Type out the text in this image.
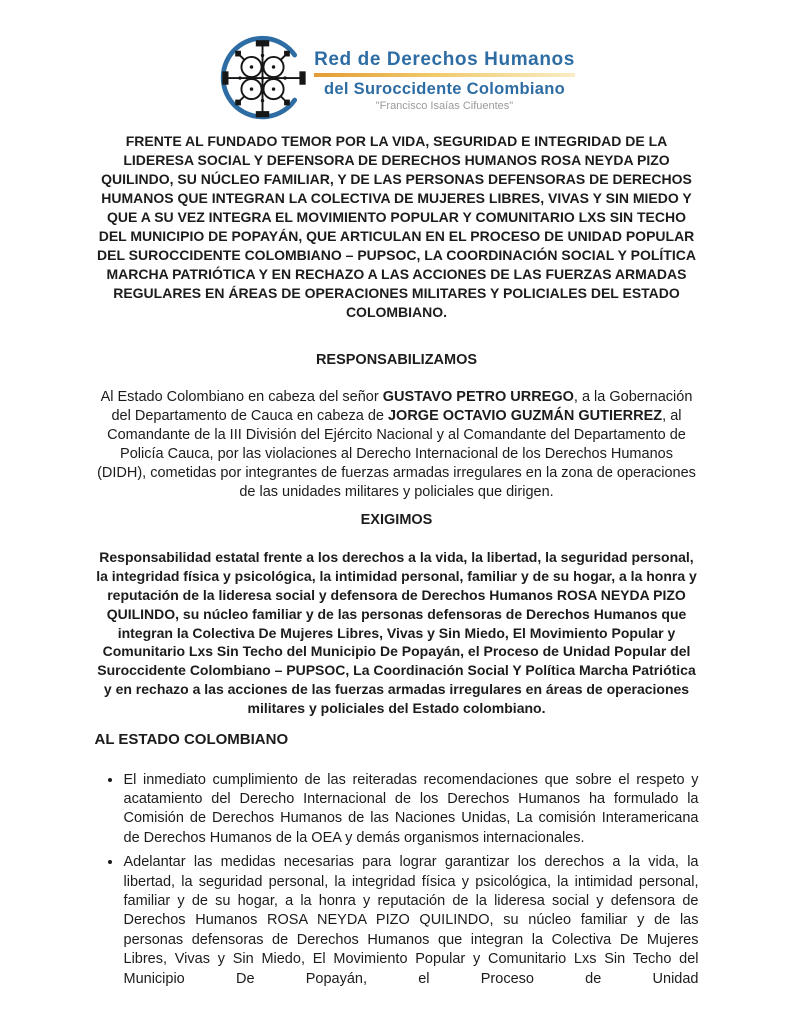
Red de Derechos Humanos
del Suroccidente Colombiano
"Francisco Isaías Cifuentes"

FRENTE AL FUNDADO TEMOR POR LA VIDA, SEGURIDAD E INTEGRIDAD DE LA LIDERESA SOCIAL Y DEFENSORA DE DERECHOS HUMANOS ROSA NEYDA PIZO QUILINDO, SU NÚCLEO FAMILIAR, Y DE LAS PERSONAS DEFENSORAS DE DERECHOS HUMANOS QUE INTEGRAN LA COLECTIVA DE MUJERES LIBRES, VIVAS Y SIN MIEDO Y QUE A SU VEZ INTEGRA EL MOVIMIENTO POPULAR Y COMUNITARIO LXS SIN TECHO DEL MUNICIPIO DE POPAYÁN, QUE ARTICULAN EN EL PROCESO DE UNIDAD POPULAR DEL SUROCCIDENTE COLOMBIANO – PUPSOC, LA COORDINACIÓN SOCIAL Y POLÍTICA MARCHA PATRIÓTICA Y EN RECHAZO A LAS ACCIONES DE LAS FUERZAS ARMADAS REGULARES EN ÁREAS DE OPERACIONES MILITARES Y POLICIALES DEL ESTADO COLOMBIANO.

RESPONSABILIZAMOS

Al Estado Colombiano en cabeza del señor GUSTAVO PETRO URREGO, a la Gobernación del Departamento de Cauca en cabeza de JORGE OCTAVIO GUZMÁN GUTIERREZ, al Comandante de la III División del Ejército Nacional y al Comandante del Departamento de Policía Cauca, por las violaciones al Derecho Internacional de los Derechos Humanos (DIDH), cometidas por integrantes de fuerzas armadas irregulares en la zona de operaciones de las unidades militares y policiales que dirigen.

EXIGIMOS

Responsabilidad estatal frente a los derechos a la vida, la libertad, la seguridad personal, la integridad física y psicológica, la intimidad personal, familiar y de su hogar, a la honra y reputación de la lideresa social y defensora de Derechos Humanos ROSA NEYDA PIZO QUILINDO, su núcleo familiar y de las personas defensoras de Derechos Humanos que integran la Colectiva De Mujeres Libres, Vivas y Sin Miedo, El Movimiento Popular y Comunitario Lxs Sin Techo del Municipio De Popayán, el Proceso de Unidad Popular del Suroccidente Colombiano – PUPSOC, La Coordinación Social Y Política Marcha Patriótica y en rechazo a las acciones de las fuerzas armadas irregulares en áreas de operaciones militares y policiales del Estado colombiano.

AL ESTADO COLOMBIANO
• El inmediato cumplimiento de las reiteradas recomendaciones que sobre el respeto y acatamiento del Derecho Internacional de los Derechos Humanos ha formulado la Comisión de Derechos Humanos de las Naciones Unidas, La comisión Interamericana de Derechos Humanos de la OEA y demás organismos internacionales.
• Adelantar las medidas necesarias para lograr garantizar los derechos a la vida, la libertad, la seguridad personal, la integridad física y psicológica, la intimidad personal, familiar y de su hogar, a la honra y reputación de la lideresa social y defensora de Derechos Humanos ROSA NEYDA PIZO QUILINDO, su núcleo familiar y de las personas defensoras de Derechos Humanos que integran la Colectiva De Mujeres Libres, Vivas y Sin Miedo, El Movimiento Popular y Comunitario Lxs Sin Techo del Municipio De Popayán, el Proceso de Unidad
